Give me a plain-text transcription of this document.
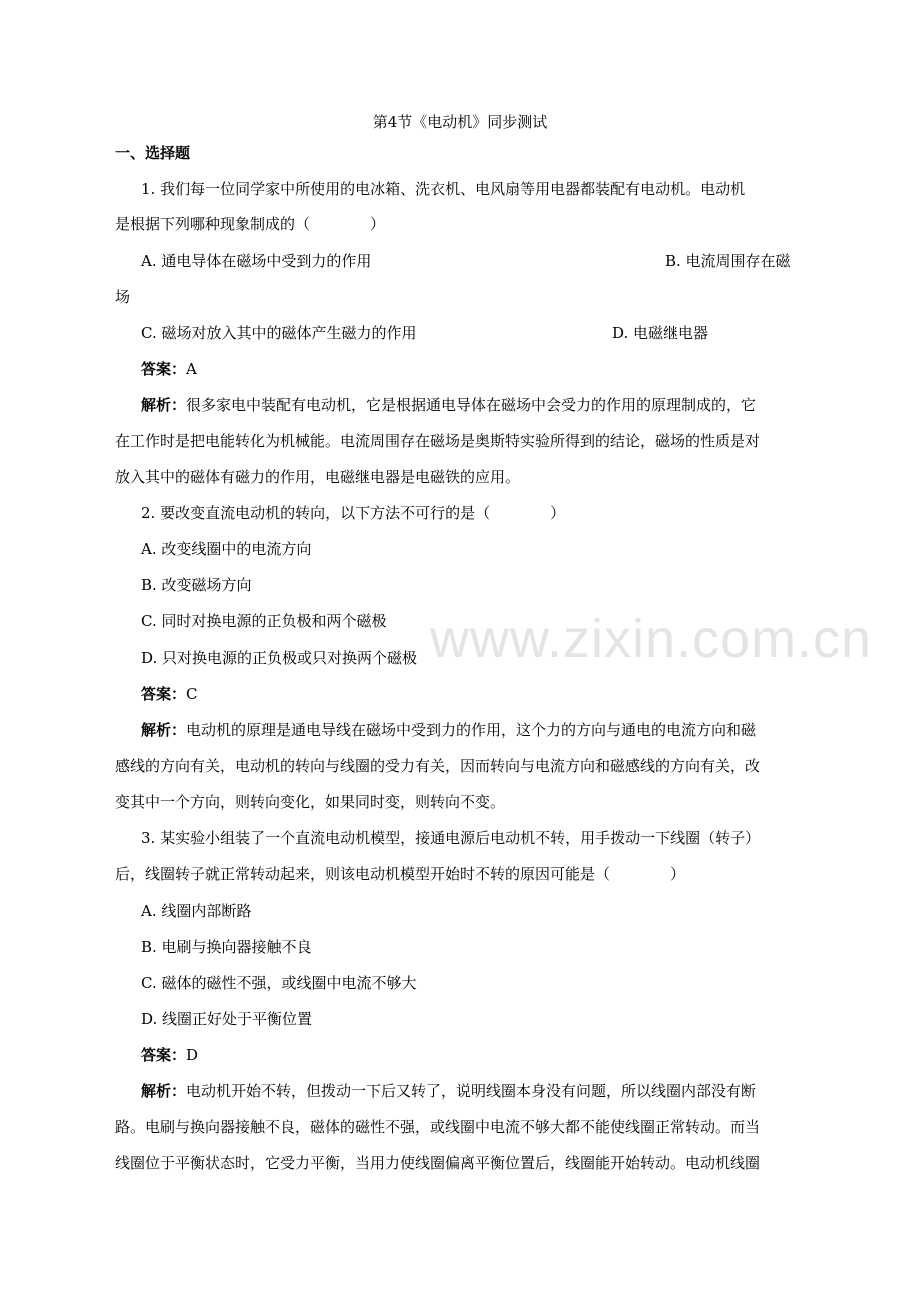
www.zixin.com.cn
第4节《电动机》同步测试
一、选择题
1. 我们每一位同学家中所使用的电冰箱、洗衣机、电风扇等用电器都装配有电动机。电动机
是根据下列哪种现象制成的（　　　　）
A. 通电导体在磁场中受到力的作用	B. 电流周围存在磁
场
C. 磁场对放入其中的磁体产生磁力的作用	D. 电磁继电器
答案：A
解析：很多家电中装配有电动机，它是根据通电导体在磁场中会受力的作用的原理制成的，它
在工作时是把电能转化为机械能。电流周围存在磁场是奥斯特实验所得到的结论，磁场的性质是对
放入其中的磁体有磁力的作用，电磁继电器是电磁铁的应用。
2. 要改变直流电动机的转向，以下方法不可行的是（　　　　）
A. 改变线圈中的电流方向
B. 改变磁场方向
C. 同时对换电源的正负极和两个磁极
D. 只对换电源的正负极或只对换两个磁极
答案：C
解析：电动机的原理是通电导线在磁场中受到力的作用，这个力的方向与通电的电流方向和磁
感线的方向有关，电动机的转向与线圈的受力有关，因而转向与电流方向和磁感线的方向有关，改
变其中一个方向，则转向变化，如果同时变，则转向不变。
3. 某实验小组装了一个直流电动机模型，接通电源后电动机不转，用手拨动一下线圈（转子）
后，线圈转子就正常转动起来，则该电动机模型开始时不转的原因可能是（　　　　）
A. 线圈内部断路
B. 电刷与换向器接触不良
C. 磁体的磁性不强，或线圈中电流不够大
D. 线圈正好处于平衡位置
答案：D
解析：电动机开始不转，但拨动一下后又转了，说明线圈本身没有问题，所以线圈内部没有断
路。电刷与换向器接触不良，磁体的磁性不强，或线圈中电流不够大都不能使线圈正常转动。而当
线圈位于平衡状态时，它受力平衡，当用力使线圈偏离平衡位置后，线圈能开始转动。电动机线圈
